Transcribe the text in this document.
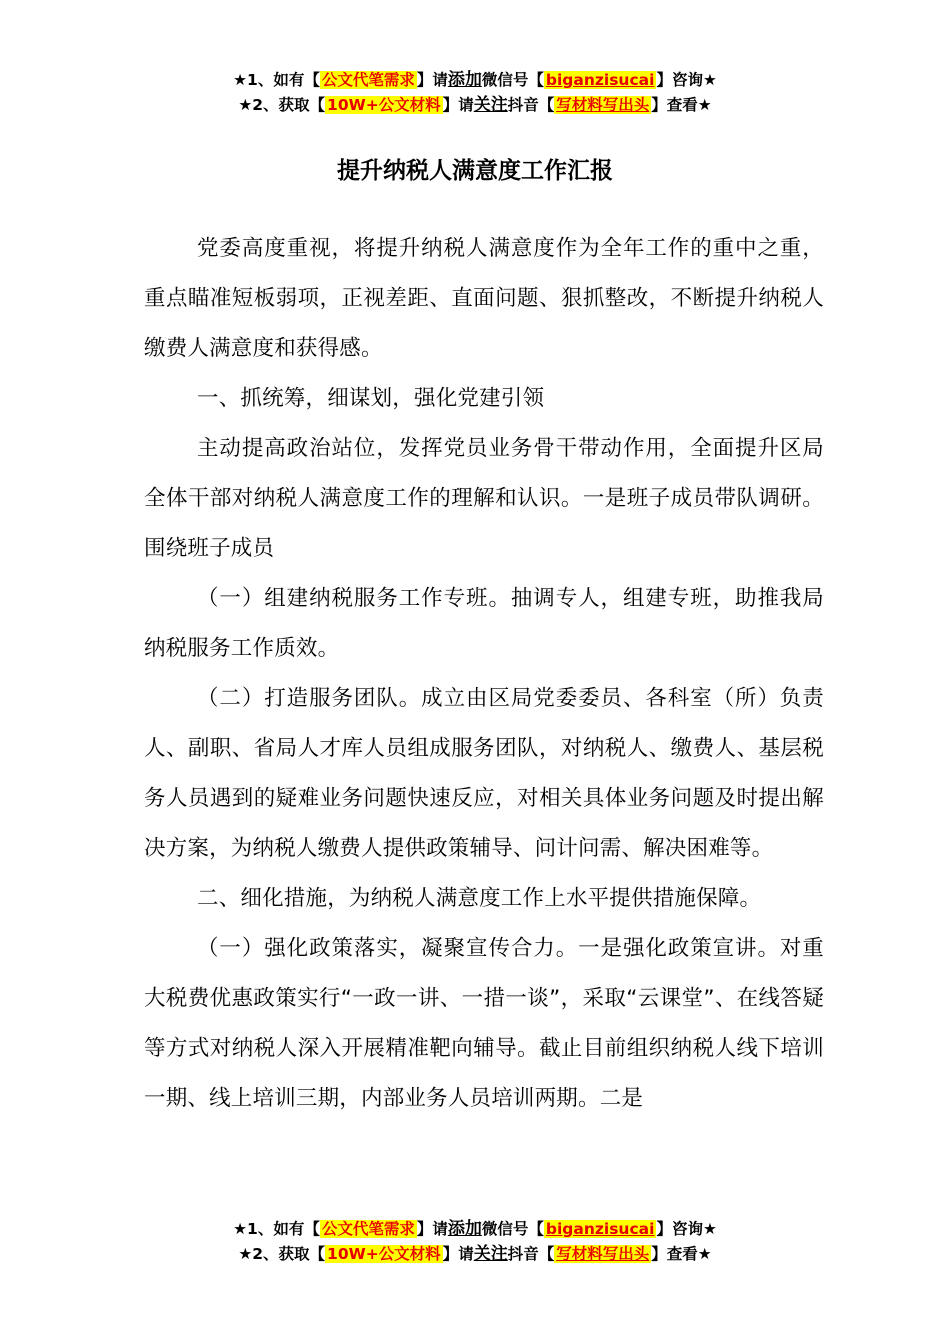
★1、如有【 公文代笔需求 】请添加微信号【 biganzisucai 】咨询★
★2、获取【 10W+公文材料 】请关注抖音【 写材料写出头 】查看★
提升纳税人满意度工作汇报

党委高度重视，将提升纳税人满意度作为全年工作的重中之重，重点瞄准短板弱项，正视差距、直面问题、狠抓整改，不断提升纳税人缴费人满意度和获得感。

一、抓统筹，细谋划，强化党建引领

主动提高政治站位，发挥党员业务骨干带动作用，全面提升区局全体干部对纳税人满意度工作的理解和认识。一是班子成员带队调研。围绕班子成员

（一）组建纳税服务工作专班。抽调专人，组建专班，助推我局纳税服务工作质效。

（二）打造服务团队。成立由区局党委委员、各科室（所）负责人、副职、省局人才库人员组成服务团队，对纳税人、缴费人、基层税务人员遇到的疑难业务问题快速反应，对相关具体业务问题及时提出解决方案，为纳税人缴费人提供政策辅导、问计问需、解决困难等。

二、细化措施，为纳税人满意度工作上水平提供措施保障。

（一）强化政策落实，凝聚宣传合力。一是强化政策宣讲。对重大税费优惠政策实行“一政一讲、一措一谈”，采取“云课堂”、在线答疑等方式对纳税人深入开展精准靶向辅导。截止目前组织纳税人线下培训一期、线上培训三期，内部业务人员培训两期。二是

★1、如有【 公文代笔需求 】请添加微信号【 biganzisucai 】咨询★
★2、获取【 10W+公文材料 】请关注抖音【 写材料写出头 】查看★
